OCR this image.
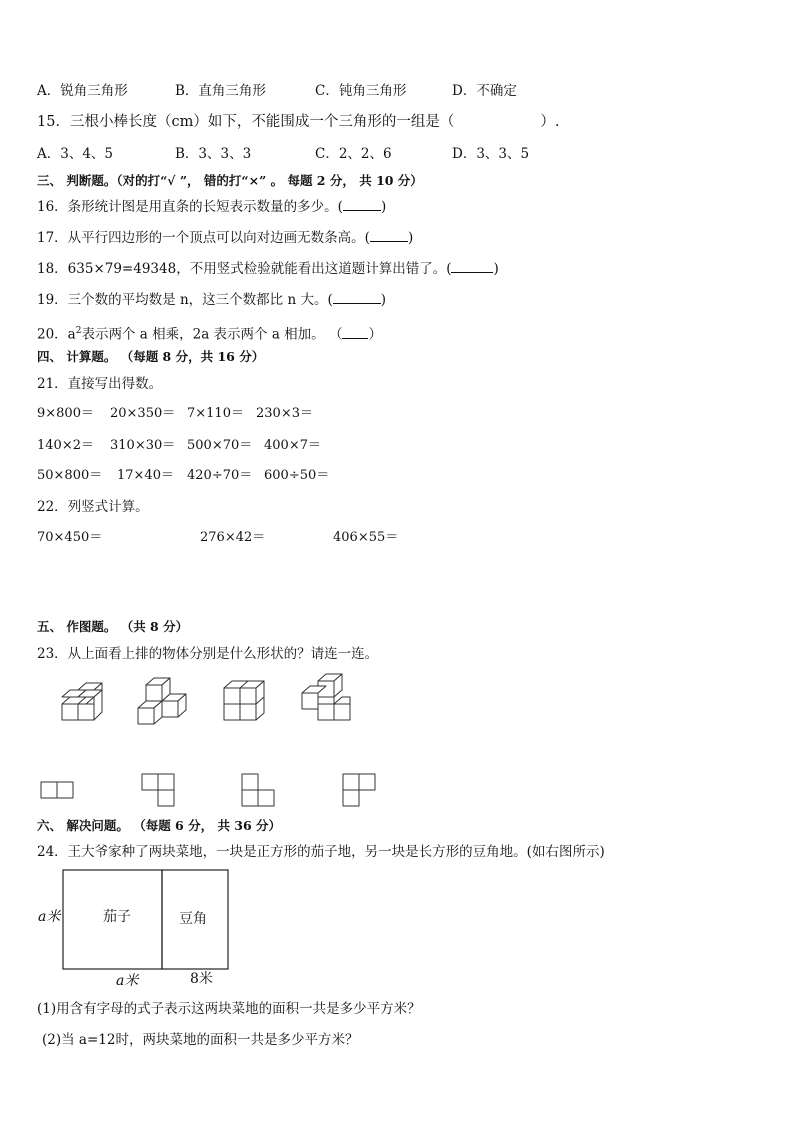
A．锐角三角形	B．直角三角形	C．钝角三角形	D．不确定
15．三根小棒长度（cm）如下，不能围成一个三角形的一组是（	）.
A．3、4、5	B．3、3、3	C．2、2、6	D．3、3、5
三、 判断题。（对的打“√ ”， 错的打“×” 。 每题 2 分， 共 10 分）
16．条形统计图是用直条的长短表示数量的多少。(	)
17．从平行四边形的一个顶点可以向对边画无数条高。(	)
18．635×79=49348，不用竖式检验就能看出这道题计算出错了。(	)
19．三个数的平均数是 n，这三个数都比 n 大。(	)
20．$a^2$表示两个 a 相乘，2a 表示两个 a 相加。 （ ）
四、 计算题。 （每题 8 分，共 16 分）
21．直接写出得数。
9×800＝ 20×350＝ 7×110＝ 230×3＝
140×2＝ 310×30＝ 500×70＝ 400×7＝
50×800＝ 17×40＝ 420÷70＝ 600÷50＝
22．列竖式计算。
70×450＝	276×42＝	406×55＝
五、 作图题。 （共 8 分）
23．从上面看上排的物体分别是什么形状的？请连一连。
六、 解决问题。 （每题 6 分， 共 36 分）
24．王大爷家种了两块菜地，一块是正方形的茄子地，另一块是长方形的豆角地。(如右图所示)
a米	茄子	豆角
a米	8米
(1)用含有字母的式子表示这两块菜地的面积一共是多少平方米？
(2)当 a=12时，两块菜地的面积一共是多少平方米？
